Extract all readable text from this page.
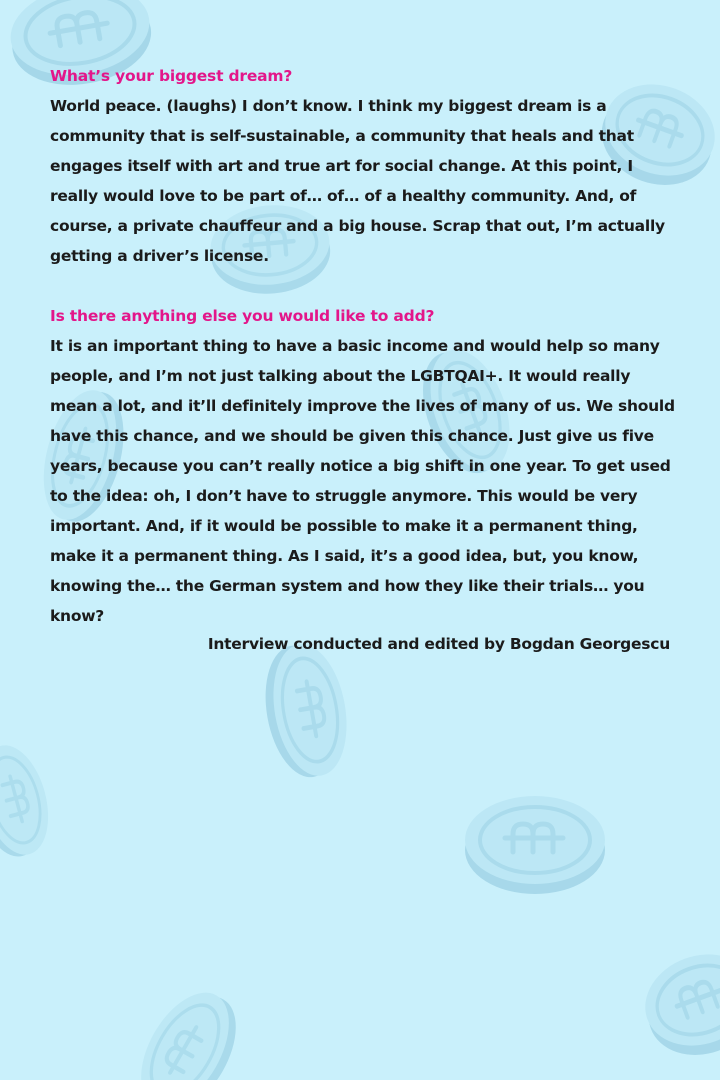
What’s your biggest dream?

World peace. (laughs) I don’t know. I think my biggest dream is a community that is self-sustainable, a community that heals and that engages itself with art and true art for social change. At this point, I really would love to be part of… of… of a healthy community. And, of course, a private chauffeur and a big house. Scrap that out, I’m actually getting a driver’s license.

Is there anything else you would like to add?

It is an important thing to have a basic income and would help so many people, and I’m not just talking about the LGBTQAI+. It would really mean a lot, and it’ll definitely improve the lives of many of us. We should have this chance, and we should be given this chance. Just give us five years, because you can’t really notice a big shift in one year. To get used to the idea: oh, I don’t have to struggle anymore. This would be very important. And, if it would be possible to make it a permanent thing, make it a permanent thing. As I said, it’s a good idea, but, you know, knowing the… the German system and how they like their trials… you know?

Interview conducted and edited by Bogdan Georgescu
